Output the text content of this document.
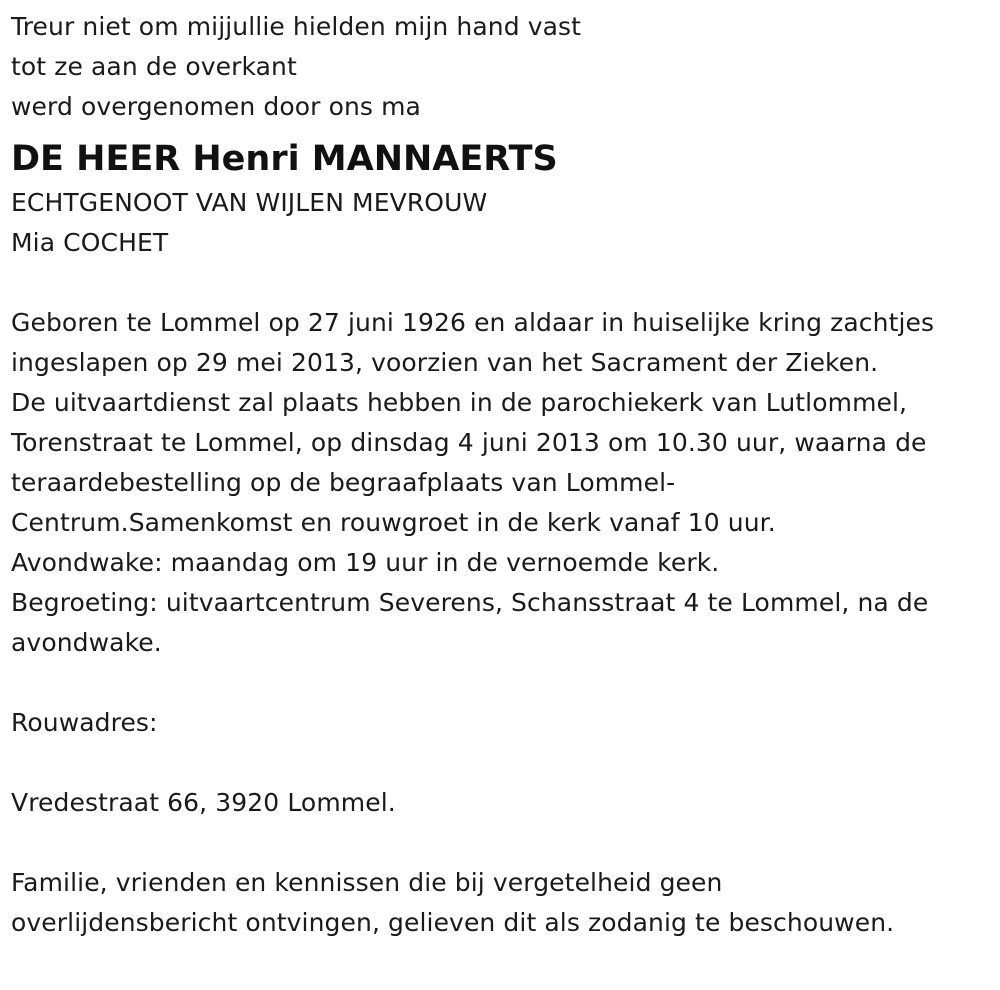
Treur niet om mijjullie hielden mijn hand vast
tot ze aan de overkant
werd overgenomen door ons ma
DE HEER Henri MANNAERTS
ECHTGENOOT VAN WIJLEN MEVROUW
Mia COCHET
Geboren te Lommel op 27 juni 1926 en aldaar in huiselijke kring zachtjes
ingeslapen op 29 mei 2013, voorzien van het Sacrament der Zieken.
De uitvaartdienst zal plaats hebben in de parochiekerk van Lutlommel,
Torenstraat te Lommel, op dinsdag 4 juni 2013 om 10.30 uur, waarna de
teraardebestelling op de begraafplaats van Lommel-
Centrum.Samenkomst en rouwgroet in de kerk vanaf 10 uur.
Avondwake: maandag om 19 uur in de vernoemde kerk.
Begroeting: uitvaartcentrum Severens, Schansstraat 4 te Lommel, na de
avondwake.
Rouwadres:
Vredestraat 66, 3920 Lommel.
Familie, vrienden en kennissen die bij vergetelheid geen
overlijdensbericht ontvingen, gelieven dit als zodanig te beschouwen.
